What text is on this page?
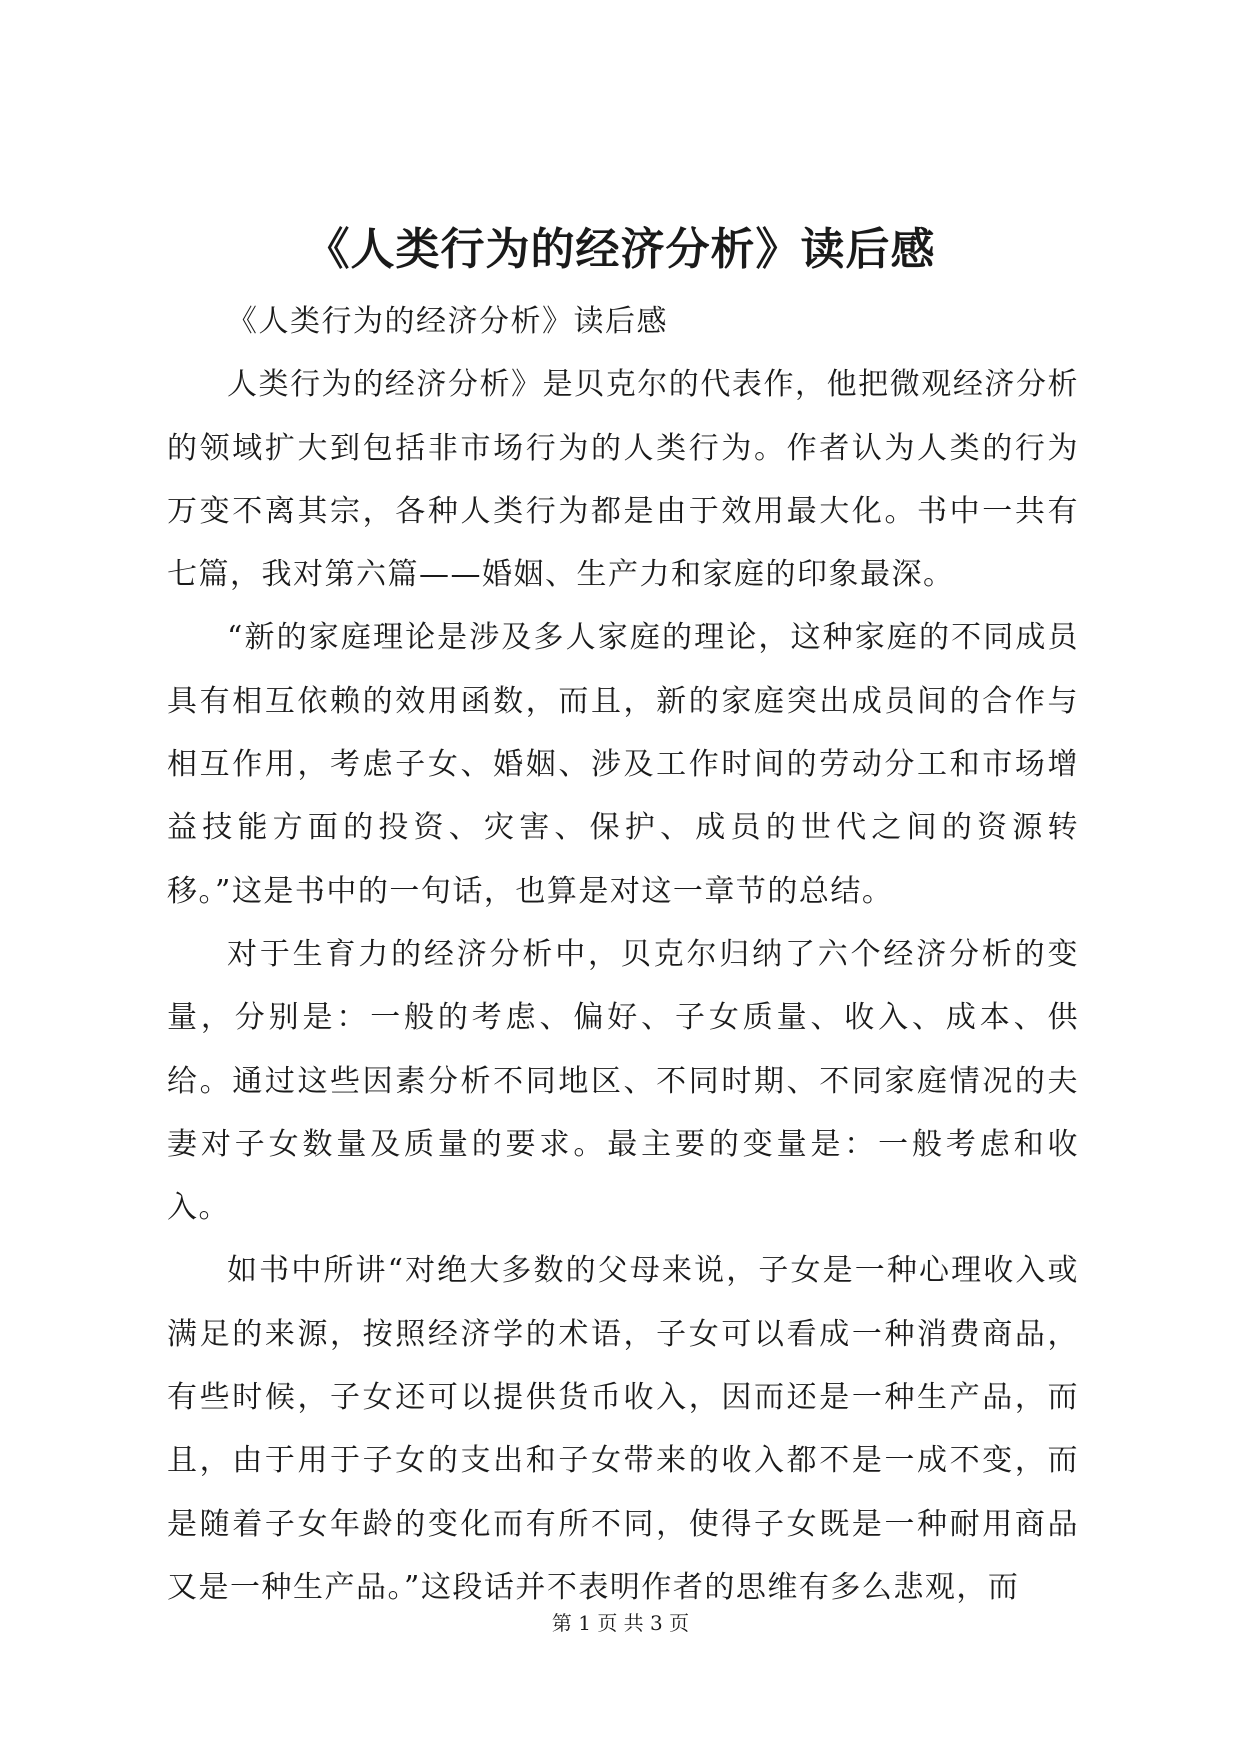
《人类行为的经济分析》读后感

《人类行为的经济分析》读后感

人类行为的经济分析》是贝克尔的代表作，他把微观经济分析的领域扩大到包括非市场行为的人类行为。作者认为人类的行为万变不离其宗，各种人类行为都是由于效用最大化。书中一共有七篇，我对第六篇——婚姻、生产力和家庭的印象最深。

“新的家庭理论是涉及多人家庭的理论，这种家庭的不同成员具有相互依赖的效用函数，而且，新的家庭突出成员间的合作与相互作用，考虑子女、婚姻、涉及工作时间的劳动分工和市场增益技能方面的投资、灾害、保护、成员的世代之间的资源转移。”这是书中的一句话，也算是对这一章节的总结。

对于生育力的经济分析中，贝克尔归纳了六个经济分析的变量，分别是：一般的考虑、偏好、子女质量、收入、成本、供给。通过这些因素分析不同地区、不同时期、不同家庭情况的夫妻对子女数量及质量的要求。最主要的变量是：一般考虑和收入。

如书中所讲“对绝大多数的父母来说，子女是一种心理收入或满足的来源，按照经济学的术语，子女可以看成一种消费商品，有些时候，子女还可以提供货币收入，因而还是一种生产品，而且，由于用于子女的支出和子女带来的收入都不是一成不变，而是随着子女年龄的变化而有所不同，使得子女既是一种耐用商品又是一种生产品。”这段话并不表明作者的思维有多么悲观，而

第 1 页 共 3 页
